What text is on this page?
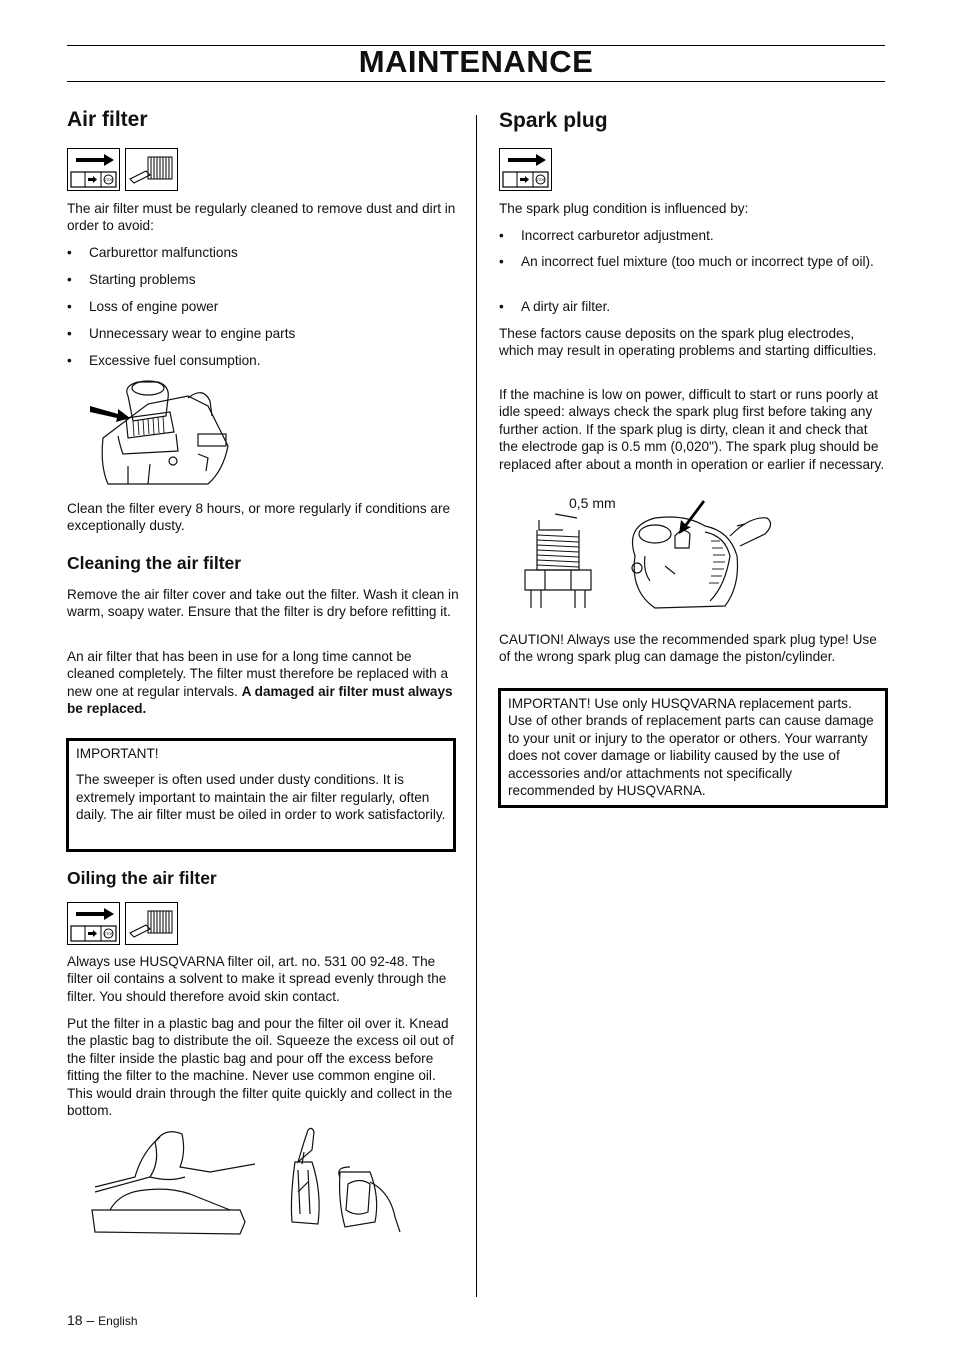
MAINTENANCE
Air filter
STOP

The air filter must be regularly cleaned to remove dust and dirt in order to avoid:

• Carburettor malfunctions
• Starting problems
• Loss of engine power
• Unnecessary wear to engine parts
• Excessive fuel consumption.

Clean the filter every 8 hours, or more regularly if conditions are exceptionally dusty.

Cleaning the air filter

Remove the air filter cover and take out the filter. Wash it clean in warm, soapy water. Ensure that the filter is dry before refitting it.

An air filter that has been in use for a long time cannot be cleaned completely. The filter must therefore be replaced with a new one at regular intervals. A damaged air filter must always be replaced.

IMPORTANT!

The sweeper is often used under dusty conditions. It is extremely important to maintain the air filter regularly, often daily. The air filter must be oiled in order to work satisfactorily.

Oiling the air filter
STOP

Always use HUSQVARNA filter oil, art. no. 531 00 92-48. The filter oil contains a solvent to make it spread evenly through the filter. You should therefore avoid skin contact.

Put the filter in a plastic bag and pour the filter oil over it. Knead the plastic bag to distribute the oil. Squeeze the excess oil out of the filter inside the plastic bag and pour off the excess before fitting the filter to the machine. Never use common engine oil. This would drain through the filter quite quickly and collect in the bottom.

Spark plug
STOP

The spark plug condition is influenced by:

• Incorrect carburetor adjustment.
• An incorrect fuel mixture (too much or incorrect type of oil).
• A dirty air filter.

These factors cause deposits on the spark plug electrodes, which may result in operating problems and starting difficulties.

If the machine is low on power, difficult to start or runs poorly at idle speed: always check the spark plug first before taking any further action. If the spark plug is dirty, clean it and check that the electrode gap is 0.5 mm (0,020"). The spark plug should be replaced after about a month in operation or earlier if necessary.

0,5 mm

CAUTION! Always use the recommended spark plug type! Use of the wrong spark plug can damage the piston/cylinder.

IMPORTANT! Use only HUSQVARNA replacement parts. Use of other brands of replacement parts can cause damage to your unit or injury to the operator or others. Your warranty does not cover damage or liability caused by the use of accessories and/or attachments not specifically recommended by HUSQVARNA.

18 – English
